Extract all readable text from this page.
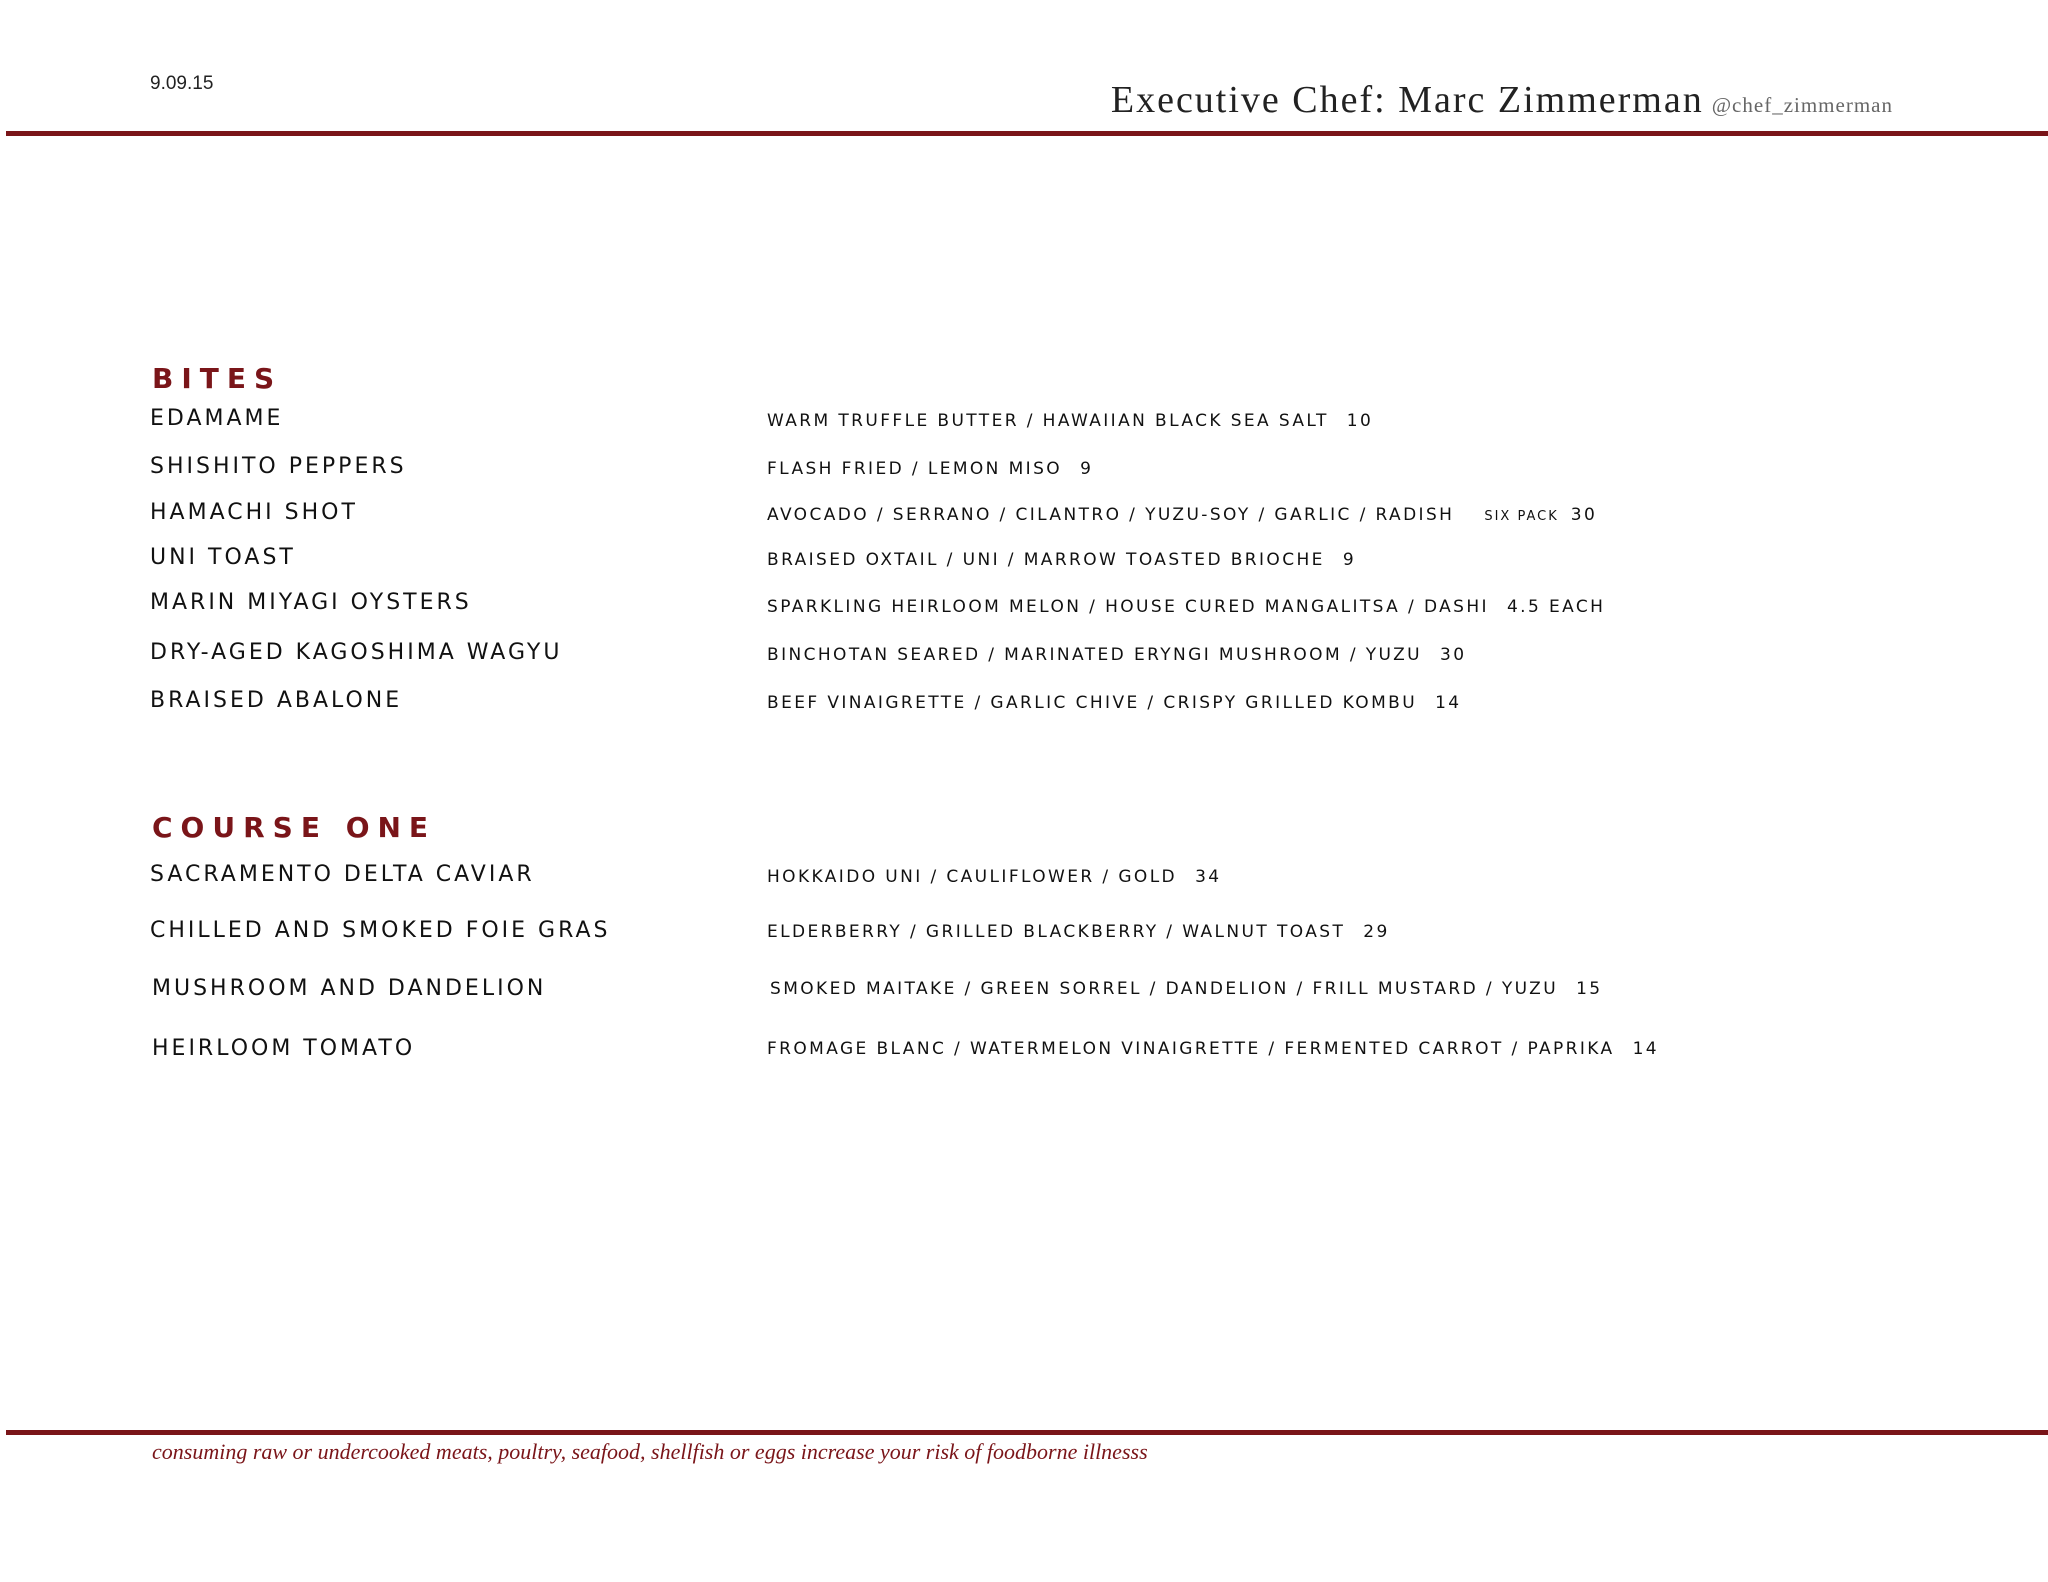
9.09.15	Executive Chef: Marc Zimmerman @chef_zimmerman
BITES
EDAMAME	WARM TRUFFLE BUTTER / HAWAIIAN BLACK SEA SALT 10
SHISHITO PEPPERS	FLASH FRIED / LEMON MISO 9
HAMACHI SHOT	AVOCADO / SERRANO / CILANTRO / YUZU-SOY / GARLIC / RADISH SIX PACK 30
UNI TOAST	BRAISED OXTAIL / UNI / MARROW TOASTED BRIOCHE 9
MARIN MIYAGI OYSTERS	SPARKLING HEIRLOOM MELON / HOUSE CURED MANGALITSA / DASHI 4.5 EACH
DRY-AGED KAGOSHIMA WAGYU	BINCHOTAN SEARED / MARINATED ERYNGI MUSHROOM / YUZU 30
BRAISED ABALONE	BEEF VINAIGRETTE / GARLIC CHIVE / CRISPY GRILLED KOMBU 14
COURSE ONE
SACRAMENTO DELTA CAVIAR	HOKKAIDO UNI / CAULIFLOWER / GOLD 34
CHILLED AND SMOKED FOIE GRAS	ELDERBERRY / GRILLED BLACKBERRY / WALNUT TOAST 29
MUSHROOM AND DANDELION	SMOKED MAITAKE / GREEN SORREL / DANDELION / FRILL MUSTARD / YUZU 15
HEIRLOOM TOMATO	FROMAGE BLANC / WATERMELON VINAIGRETTE / FERMENTED CARROT / PAPRIKA 14
consuming raw or undercooked meats, poultry, seafood, shellfish or eggs increase your risk of foodborne illnesss
